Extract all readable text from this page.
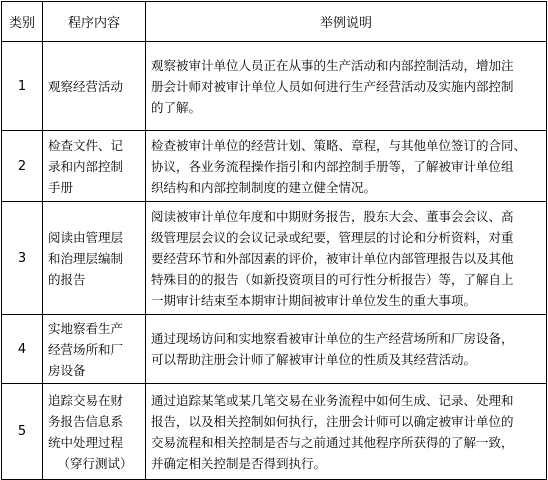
类别	程序内容	举例说明
1	观察经营活动	观察被审计单位人员正在从事的生产活动和内部控制活动，增加注
册会计师对被审计单位人员如何进行生产经营活动及实施内部控制
的了解。

2	检查文件、记
录和内部控制
手册	检查被审计单位的经营计划、策略、章程，与其他单位签订的合同、
协议，各业务流程操作指引和内部控制手册等，了解被审计单位组
织结构和内部控制制度的建立健全情况。

3	阅读由管理层
和治理层编制
的报告	阅读被审计单位年度和中期财务报告，股东大会、董事会会议、高
级管理层会议的会议记录或纪要，管理层的讨论和分析资料，对重
要经营环节和外部因素的评价，被审计单位内部管理报告以及其他
特殊目的的报告（如新投资项目的可行性分析报告）等，了解自上
一期审计结束至本期审计期间被审计单位发生的重大事项。

4	实地察看生产
经营场所和厂
房设备	通过现场访问和实地察看被审计单位的生产经营场所和厂房设备，
可以帮助注册会计师了解被审计单位的性质及其经营活动。

5	追踪交易在财
务报告信息系
统中处理过程
（穿行测试）	通过追踪某笔或某几笔交易在业务流程中如何生成、记录、处理和
报告，以及相关控制如何执行，注册会计师可以确定被审计单位的
交易流程和相关控制是否与之前通过其他程序所获得的了解一致，
并确定相关控制是否得到执行。
